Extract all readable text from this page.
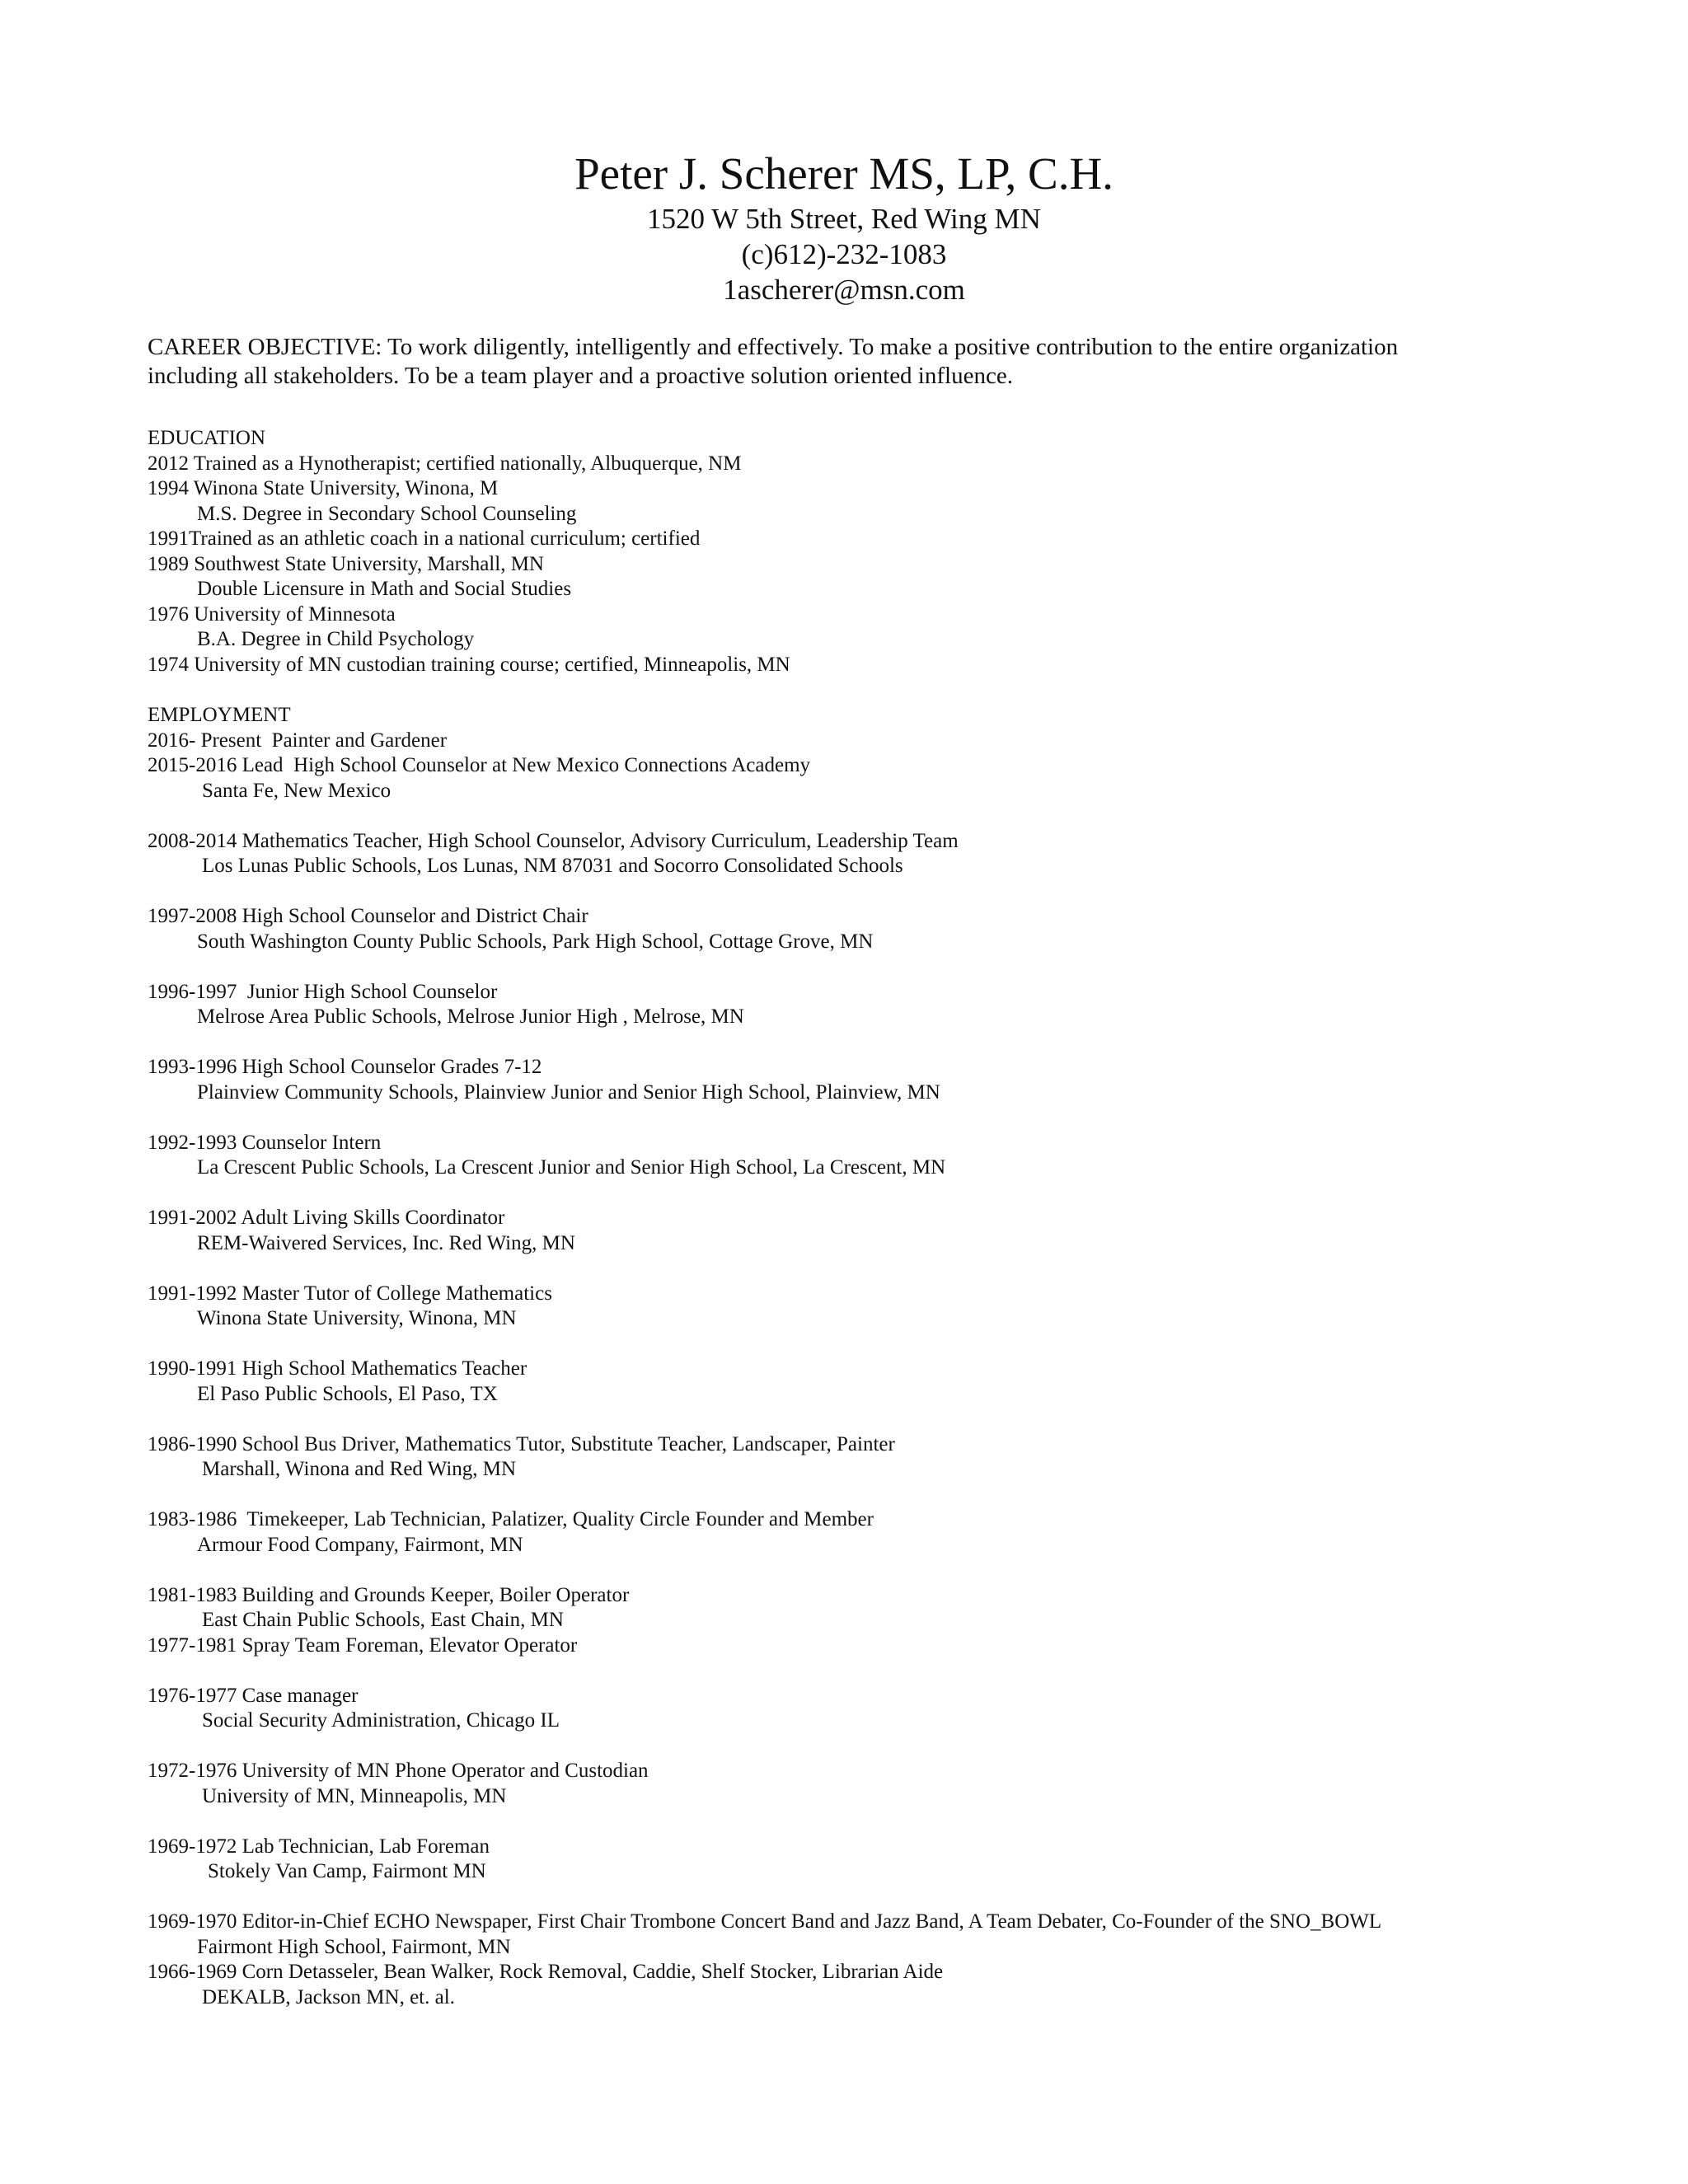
Peter J. Scherer MS, LP, C.H.
1520 W 5th Street, Red Wing MN
(c)612)-232-1083
1ascherer@msn.com
CAREER OBJECTIVE: To work diligently, intelligently and effectively. To make a positive contribution to the entire organization
including all stakeholders. To be a team player and a proactive solution oriented influence.
EDUCATION
2012 Trained as a Hynotherapist; certified nationally, Albuquerque, NM
1994 Winona State University, Winona, M
M.S. Degree in Secondary School Counseling
1991Trained as an athletic coach in a national curriculum; certified
1989 Southwest State University, Marshall, MN
Double Licensure in Math and Social Studies
1976 University of Minnesota
B.A. Degree in Child Psychology
1974 University of MN custodian training course; certified, Minneapolis, MN
EMPLOYMENT
2016- Present  Painter and Gardener
2015-2016 Lead  High School Counselor at New Mexico Connections Academy
Santa Fe, New Mexico
2008-2014 Mathematics Teacher, High School Counselor, Advisory Curriculum, Leadership Team
Los Lunas Public Schools, Los Lunas, NM 87031 and Socorro Consolidated Schools
1997-2008 High School Counselor and District Chair
South Washington County Public Schools, Park High School, Cottage Grove, MN
1996-1997  Junior High School Counselor
Melrose Area Public Schools, Melrose Junior High , Melrose, MN
1993-1996 High School Counselor Grades 7-12
Plainview Community Schools, Plainview Junior and Senior High School, Plainview, MN
1992-1993 Counselor Intern
La Crescent Public Schools, La Crescent Junior and Senior High School, La Crescent, MN
1991-2002 Adult Living Skills Coordinator
REM-Waivered Services, Inc. Red Wing, MN
1991-1992 Master Tutor of College Mathematics
Winona State University, Winona, MN
1990-1991 High School Mathematics Teacher
El Paso Public Schools, El Paso, TX
1986-1990 School Bus Driver, Mathematics Tutor, Substitute Teacher, Landscaper, Painter
Marshall, Winona and Red Wing, MN
1983-1986  Timekeeper, Lab Technician, Palatizer, Quality Circle Founder and Member
Armour Food Company, Fairmont, MN
1981-1983 Building and Grounds Keeper, Boiler Operator
East Chain Public Schools, East Chain, MN
1977-1981 Spray Team Foreman, Elevator Operator
1976-1977 Case manager
Social Security Administration, Chicago IL
1972-1976 University of MN Phone Operator and Custodian
University of MN, Minneapolis, MN
1969-1972 Lab Technician, Lab Foreman
Stokely Van Camp, Fairmont MN
1969-1970 Editor-in-Chief ECHO Newspaper, First Chair Trombone Concert Band and Jazz Band, A Team Debater, Co-Founder of the SNO_BOWL
Fairmont High School, Fairmont, MN
1966-1969 Corn Detasseler, Bean Walker, Rock Removal, Caddie, Shelf Stocker, Librarian Aide
DEKALB, Jackson MN, et. al.
